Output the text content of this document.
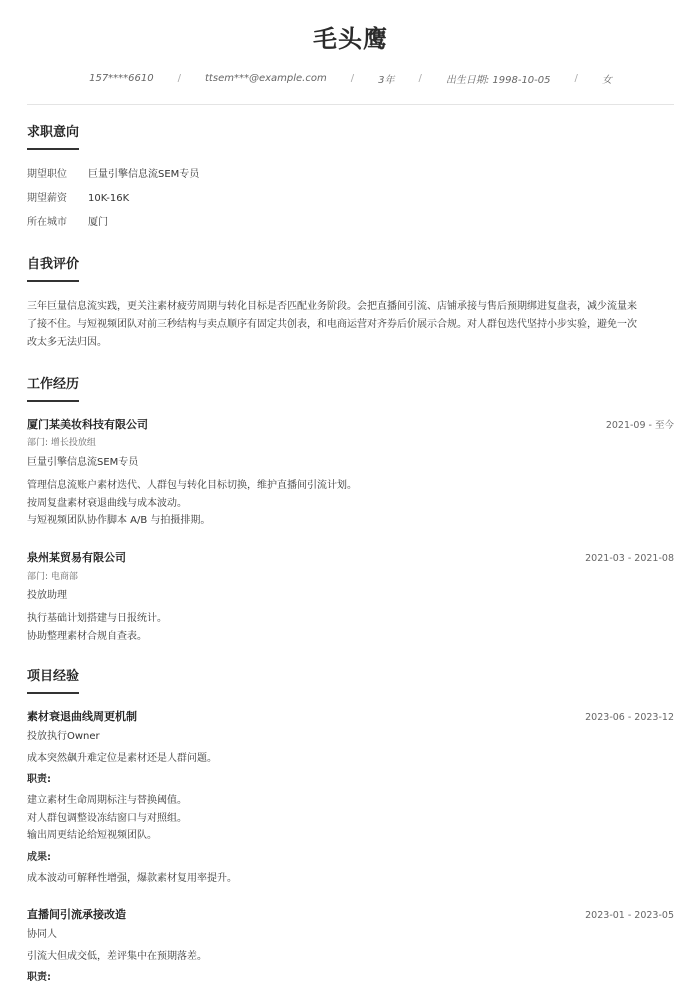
毛头鹰
157****6610 / ttsem***@example.com / 3年 / 出生日期: 1998-10-05 / 女
求职意向
期望职位 巨量引擎信息流SEM专员
期望薪资 10K-16K
所在城市 厦门
自我评价
三年巨量信息流实践，更关注素材疲劳周期与转化目标是否匹配业务阶段。会把直播间引流、店铺承接与售后预期绑进复盘表，减少流量来
了接不住。与短视频团队对前三秒结构与卖点顺序有固定共创表，和电商运营对齐券后价展示合规。对人群包迭代坚持小步实验，避免一次
改太多无法归因。
工作经历
厦门某美妆科技有限公司	2021-09 - 至今
部门: 增长投放组
巨量引擎信息流SEM专员
管理信息流账户素材迭代、人群包与转化目标切换，维护直播间引流计划。
按周复盘素材衰退曲线与成本波动。
与短视频团队协作脚本 A/B 与拍摄排期。
泉州某贸易有限公司	2021-03 - 2021-08
部门: 电商部
投放助理
执行基础计划搭建与日报统计。
协助整理素材合规自查表。
项目经验
素材衰退曲线周更机制	2023-06 - 2023-12
投放执行Owner
成本突然飙升难定位是素材还是人群问题。
职责:
建立素材生命周期标注与替换阈值。
对人群包调整设冻结窗口与对照组。
输出周更结论给短视频团队。
成果:
成本波动可解释性增强，爆款素材复用率提升。
直播间引流承接改造	2023-01 - 2023-05
协同人
引流大但成交低，差评集中在预期落差。
职责:
